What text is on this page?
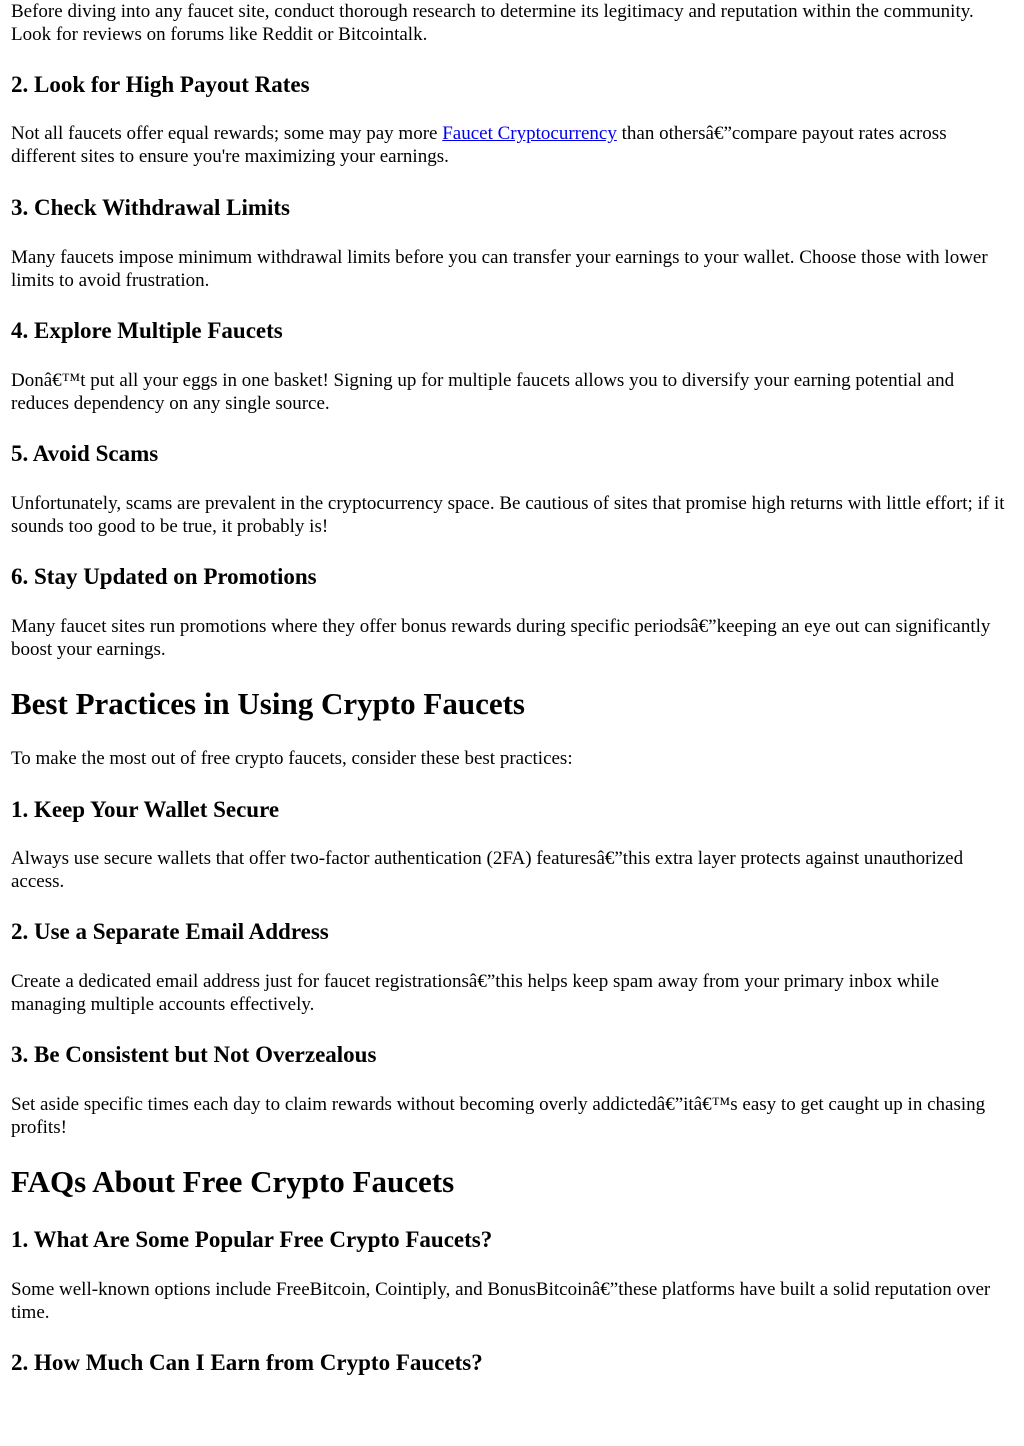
Before diving into any faucet site, conduct thorough research to determine its legitimacy and reputation within the community. Look for reviews on forums like Reddit or Bitcointalk.

2. Look for High Payout Rates

Not all faucets offer equal rewards; some may pay more Faucet Cryptocurrency than othersâ€”compare payout rates across different sites to ensure you're maximizing your earnings.

3. Check Withdrawal Limits

Many faucets impose minimum withdrawal limits before you can transfer your earnings to your wallet. Choose those with lower limits to avoid frustration.

4. Explore Multiple Faucets

Donâ€™t put all your eggs in one basket! Signing up for multiple faucets allows you to diversify your earning potential and reduces dependency on any single source.

5. Avoid Scams

Unfortunately, scams are prevalent in the cryptocurrency space. Be cautious of sites that promise high returns with little effort; if it sounds too good to be true, it probably is!

6. Stay Updated on Promotions

Many faucet sites run promotions where they offer bonus rewards during specific periodsâ€”keeping an eye out can significantly boost your earnings.

Best Practices in Using Crypto Faucets

To make the most out of free crypto faucets, consider these best practices:

1. Keep Your Wallet Secure

Always use secure wallets that offer two-factor authentication (2FA) featuresâ€”this extra layer protects against unauthorized access.

2. Use a Separate Email Address

Create a dedicated email address just for faucet registrationsâ€”this helps keep spam away from your primary inbox while managing multiple accounts effectively.

3. Be Consistent but Not Overzealous

Set aside specific times each day to claim rewards without becoming overly addictedâ€”itâ€™s easy to get caught up in chasing profits!

FAQs About Free Crypto Faucets
1. What Are Some Popular Free Crypto Faucets?

Some well-known options include FreeBitcoin, Cointiply, and BonusBitcoinâ€”these platforms have built a solid reputation over time.

2. How Much Can I Earn from Crypto Faucets?
